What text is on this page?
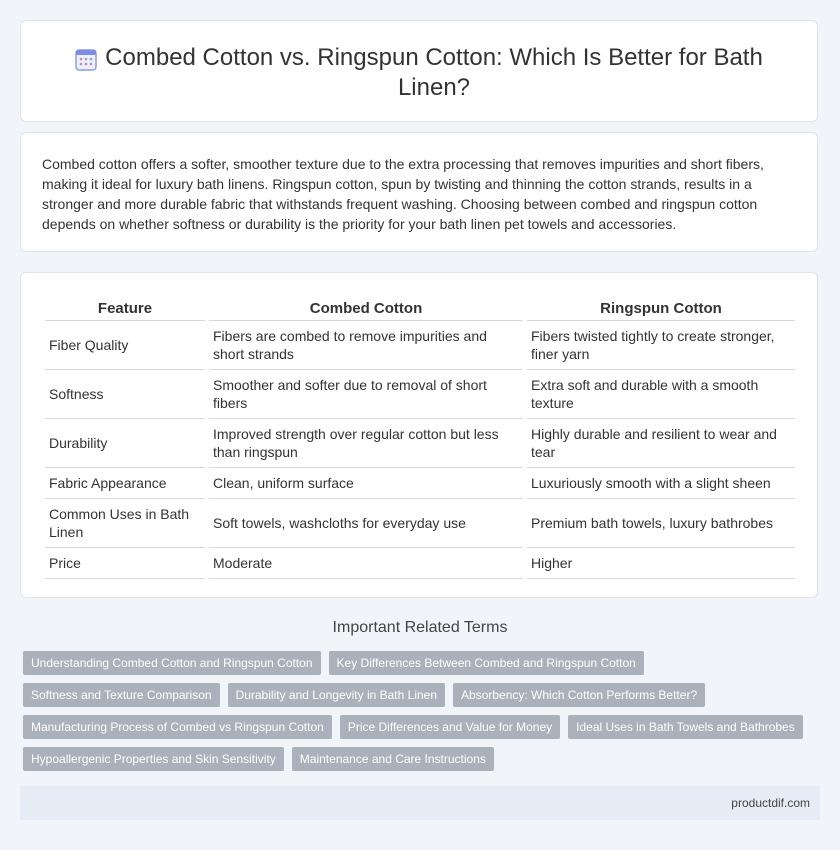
Combed Cotton vs. Ringspun Cotton: Which Is Better for Bath Linen?
Combed cotton offers a softer, smoother texture due to the extra processing that removes impurities and short fibers, making it ideal for luxury bath linens. Ringspun cotton, spun by twisting and thinning the cotton strands, results in a stronger and more durable fabric that withstands frequent washing. Choosing between combed and ringspun cotton depends on whether softness or durability is the priority for your bath linen pet towels and accessories.
Feature	Combed Cotton	Ringspun Cotton
Fiber Quality	Fibers are combed to remove impurities and short strands	Fibers twisted tightly to create stronger, finer yarn
Softness	Smoother and softer due to removal of short fibers	Extra soft and durable with a smooth texture
Durability	Improved strength over regular cotton but less than ringspun	Highly durable and resilient to wear and tear
Fabric Appearance	Clean, uniform surface	Luxuriously smooth with a slight sheen
Common Uses in Bath Linen	Soft towels, washcloths for everyday use	Premium bath towels, luxury bathrobes
Price	Moderate	Higher
Important Related Terms
Understanding Combed Cotton and Ringspun Cotton	Key Differences Between Combed and Ringspun Cotton
Softness and Texture Comparison	Durability and Longevity in Bath Linen	Absorbency: Which Cotton Performs Better?
Manufacturing Process of Combed vs Ringspun Cotton	Price Differences and Value for Money	Ideal Uses in Bath Towels and Bathrobes
Hypoallergenic Properties and Skin Sensitivity	Maintenance and Care Instructions
productdif.com
